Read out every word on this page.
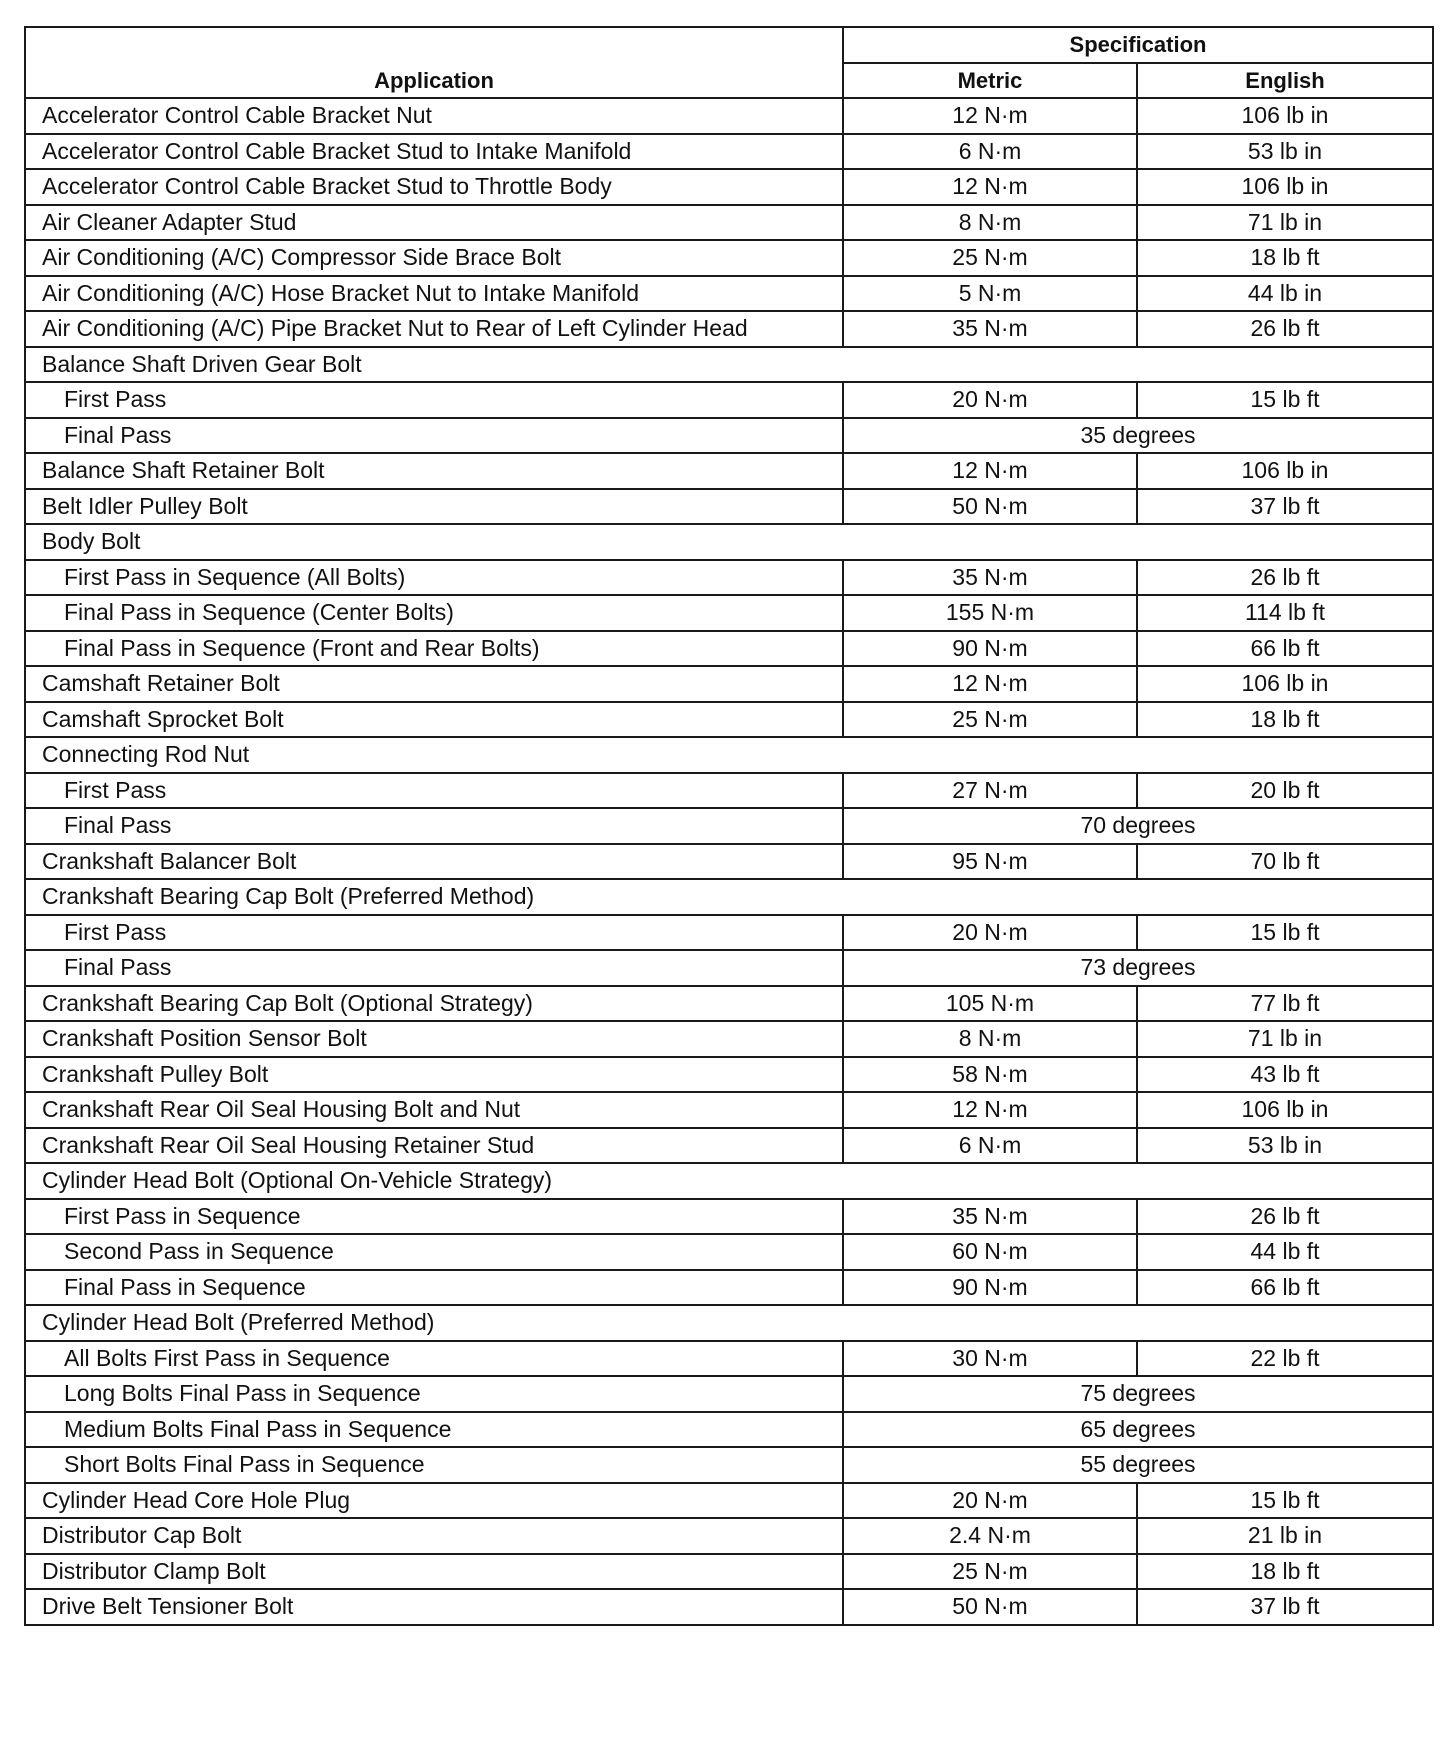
Application	Specification	
	Metric	English
Accelerator Control Cable Bracket Nut	12 N·m	106 lb in
Accelerator Control Cable Bracket Stud to Intake Manifold	6 N·m	53 lb in
Accelerator Control Cable Bracket Stud to Throttle Body	12 N·m	106 lb in
Air Cleaner Adapter Stud	8 N·m	71 lb in
Air Conditioning (A/C) Compressor Side Brace Bolt	25 N·m	18 lb ft
Air Conditioning (A/C) Hose Bracket Nut to Intake Manifold	5 N·m	44 lb in
Air Conditioning (A/C) Pipe Bracket Nut to Rear of Left Cylinder Head	35 N·m	26 lb ft
Balance Shaft Driven Gear Bolt		
First Pass	20 N·m	15 lb ft
Final Pass	35 degrees	
Balance Shaft Retainer Bolt	12 N·m	106 lb in
Belt Idler Pulley Bolt	50 N·m	37 lb ft
Body Bolt		
First Pass in Sequence (All Bolts)	35 N·m	26 lb ft
Final Pass in Sequence (Center Bolts)	155 N·m	114 lb ft
Final Pass in Sequence (Front and Rear Bolts)	90 N·m	66 lb ft
Camshaft Retainer Bolt	12 N·m	106 lb in
Camshaft Sprocket Bolt	25 N·m	18 lb ft
Connecting Rod Nut		
First Pass	27 N·m	20 lb ft
Final Pass	70 degrees	
Crankshaft Balancer Bolt	95 N·m	70 lb ft
Crankshaft Bearing Cap Bolt (Preferred Method)		
First Pass	20 N·m	15 lb ft
Final Pass	73 degrees	
Crankshaft Bearing Cap Bolt (Optional Strategy)	105 N·m	77 lb ft
Crankshaft Position Sensor Bolt	8 N·m	71 lb in
Crankshaft Pulley Bolt	58 N·m	43 lb ft
Crankshaft Rear Oil Seal Housing Bolt and Nut	12 N·m	106 lb in
Crankshaft Rear Oil Seal Housing Retainer Stud	6 N·m	53 lb in
Cylinder Head Bolt (Optional On-Vehicle Strategy)		
First Pass in Sequence	35 N·m	26 lb ft
Second Pass in Sequence	60 N·m	44 lb ft
Final Pass in Sequence	90 N·m	66 lb ft
Cylinder Head Bolt (Preferred Method)		
All Bolts First Pass in Sequence	30 N·m	22 lb ft
Long Bolts Final Pass in Sequence	75 degrees	
Medium Bolts Final Pass in Sequence	65 degrees	
Short Bolts Final Pass in Sequence	55 degrees	
Cylinder Head Core Hole Plug	20 N·m	15 lb ft
Distributor Cap Bolt	2.4 N·m	21 lb in
Distributor Clamp Bolt	25 N·m	18 lb ft
Drive Belt Tensioner Bolt	50 N·m	37 lb ft
